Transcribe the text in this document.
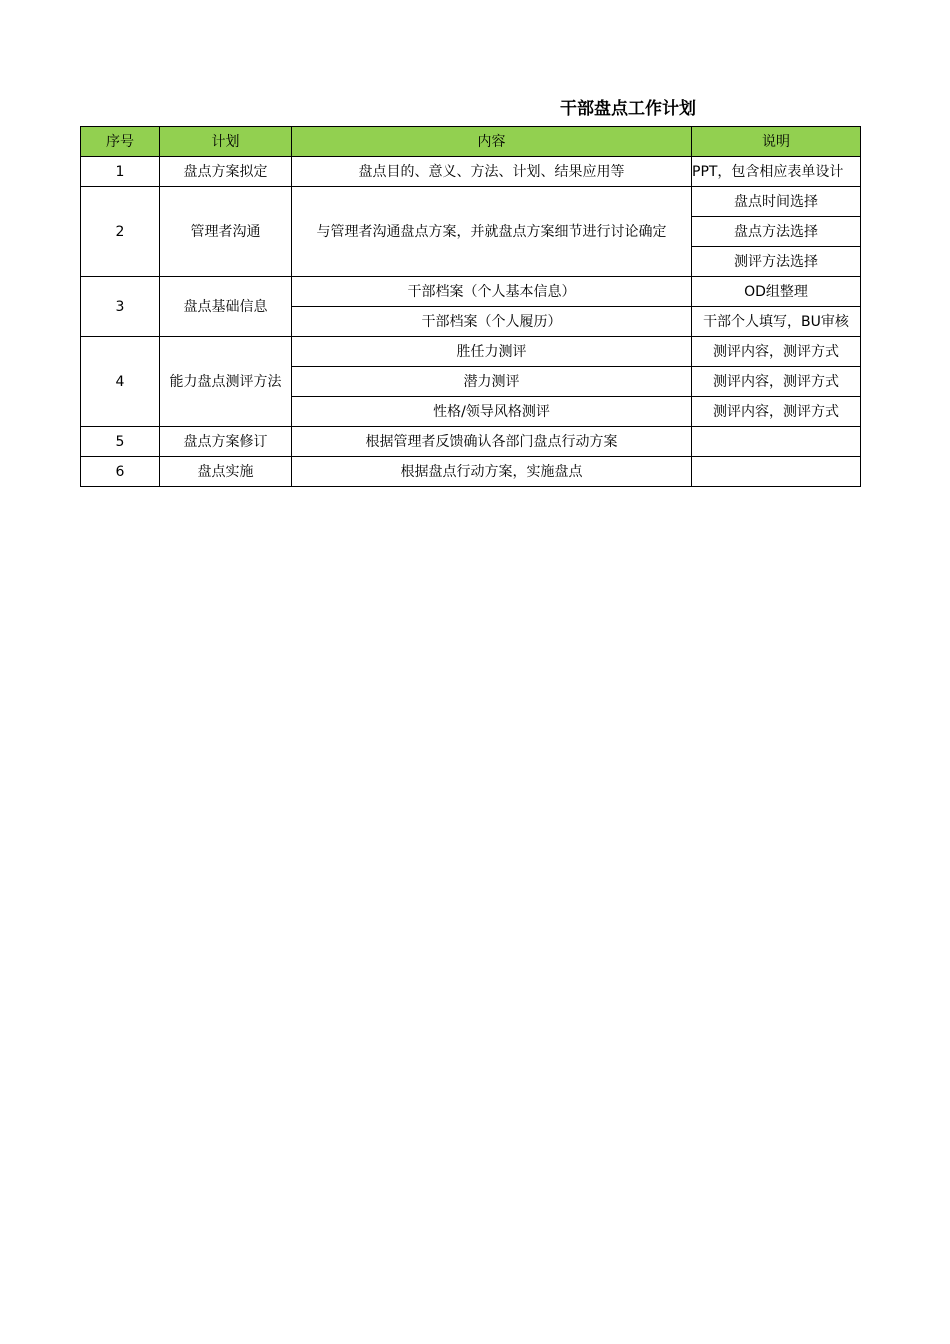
干部盘点工作计划
序号	计划	内容	说明
1	盘点方案拟定	盘点目的、意义、方法、计划、结果应用等	PPT，包含相应表单设计
2	管理者沟通	与管理者沟通盘点方案，并就盘点方案细节进行讨论确定	盘点时间选择
			盘点方法选择
			测评方法选择
3	盘点基础信息	干部档案（个人基本信息）	OD组整理
		干部档案（个人履历）	干部个人填写，BU审核
4	能力盘点测评方法	胜任力测评	测评内容，测评方式
		潜力测评	测评内容，测评方式
		性格/领导风格测评	测评内容，测评方式
5	盘点方案修订	根据管理者反馈确认各部门盘点行动方案	
6	盘点实施	根据盘点行动方案，实施盘点	
